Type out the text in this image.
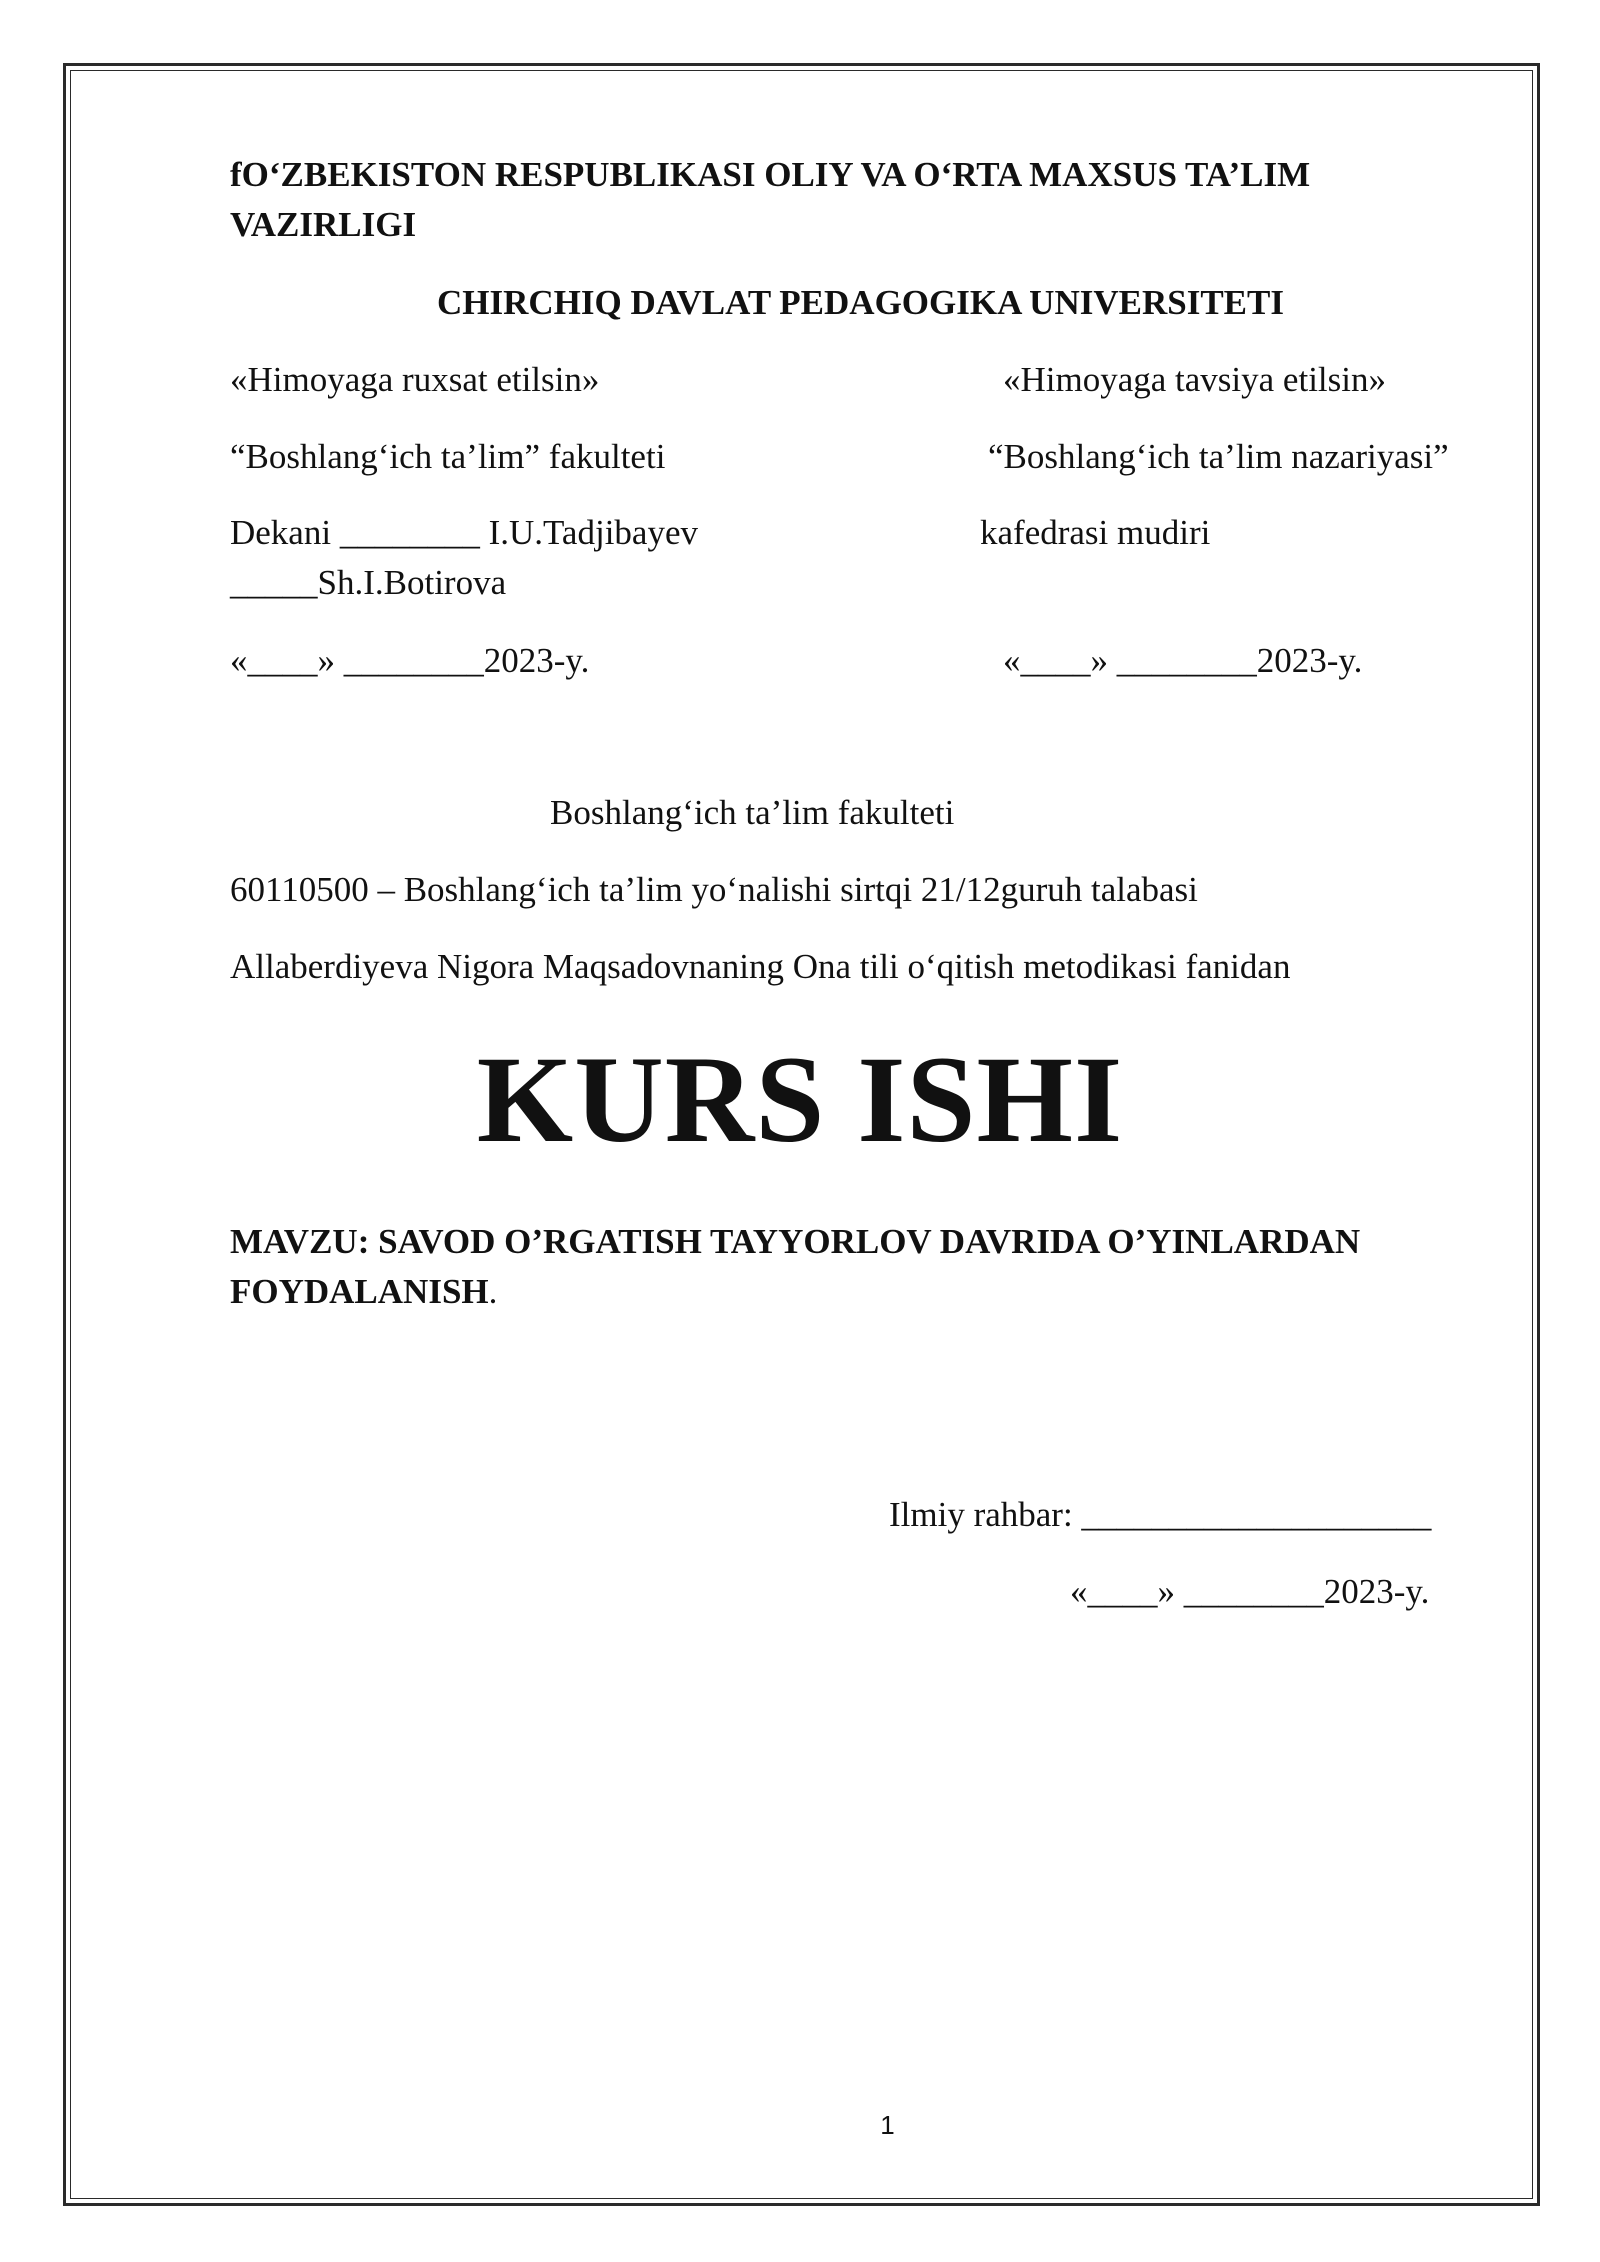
fO‘ZBEKISTON RESPUBLIKASI OLIY VA O‘RTA MAXSUS TA’LIM VAZIRLIGI
CHIRCHIQ DAVLAT PEDAGOGIKA UNIVERSITETI
«Himoyaga ruxsat etilsin»	«Himoyaga tavsiya etilsin»
“Boshlang‘ich ta’lim” fakulteti	“Boshlang‘ich ta’lim nazariyasi”
Dekani ________ I.U.Tadjibayev	kafedrasi mudiri
_____Sh.I.Botirova
«____» ________2023-y.	«____» ________2023-y.
Boshlang‘ich ta’lim fakulteti
60110500 – Boshlang‘ich ta’lim yo‘nalishi sirtqi 21/12guruh talabasi
Allaberdiyeva Nigora Maqsadovnaning Ona tili o‘qitish metodikasi fanidan
KURS ISHI
MAVZU: SAVOD O’RGATISH TAYYORLOV DAVRIDA O’YINLARDAN FOYDALANISH.
Ilmiy rahbar: ____________________
«____» ________2023-y.
1
